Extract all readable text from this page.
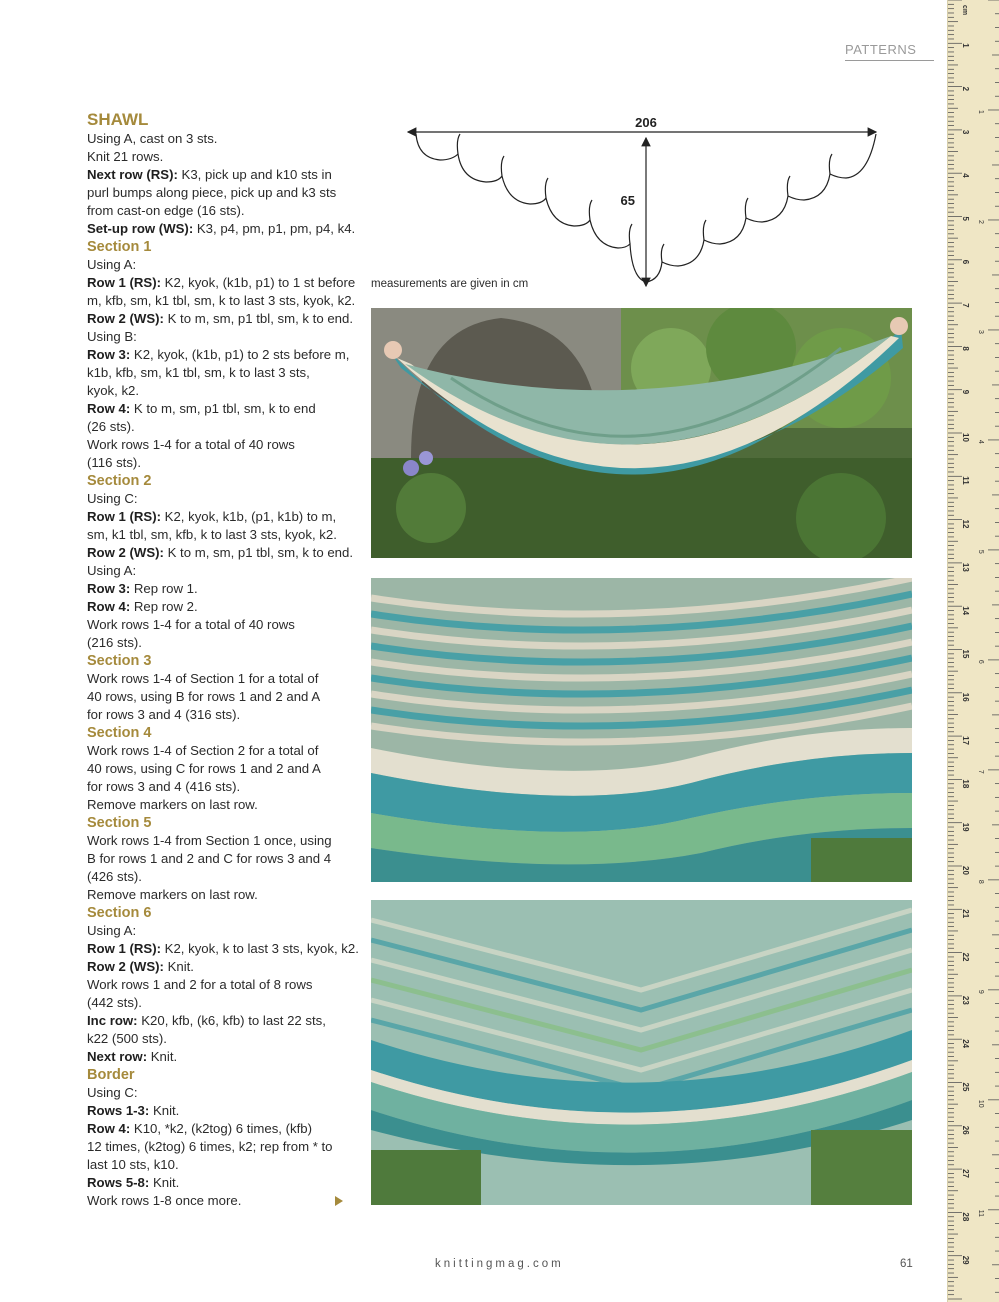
PATTERNS
SHAWL
Using A, cast on 3 sts.
Knit 21 rows.
Next row (RS): K3, pick up and k10 sts in
purl bumps along piece, pick up and k3 sts
from cast-on edge (16 sts).
Set-up row (WS): K3, p4, pm, p1, pm, p4, k4.
Section 1
Using A:
Row 1 (RS): K2, kyok, (k1b, p1) to 1 st before
m, kfb, sm, k1 tbl, sm, k to last 3 sts, kyok, k2.
Row 2 (WS): K to m, sm, p1 tbl, sm, k to end.
Using B:
Row 3: K2, kyok, (k1b, p1) to 2 sts before m,
k1b, kfb, sm, k1 tbl, sm, k to last 3 sts,
kyok, k2.
Row 4: K to m, sm, p1 tbl, sm, k to end
(26 sts).
Work rows 1-4 for a total of 40 rows
(116 sts).
Section 2
Using C:
Row 1 (RS): K2, kyok, k1b, (p1, k1b) to m,
sm, k1 tbl, sm, kfb, k to last 3 sts, kyok, k2.
Row 2 (WS): K to m, sm, p1 tbl, sm, k to end.
Using A:
Row 3: Rep row 1.
Row 4: Rep row 2.
Work rows 1-4 for a total of 40 rows
(216 sts).
Section 3
Work rows 1-4 of Section 1 for a total of
40 rows, using B for rows 1 and 2 and A
for rows 3 and 4 (316 sts).
Section 4
Work rows 1-4 of Section 2 for a total of
40 rows, using C for rows 1 and 2 and A
for rows 3 and 4 (416 sts).
Remove markers on last row.
Section 5
Work rows 1-4 from Section 1 once, using
B for rows 1 and 2 and C for rows 3 and 4
(426 sts).
Remove markers on last row.
Section 6
Using A:
Row 1 (RS): K2, kyok, k to last 3 sts, kyok, k2.
Row 2 (WS): Knit.
Work rows 1 and 2 for a total of 8 rows
(442 sts).
Inc row: K20, kfb, (k6, kfb) to last 22 sts,
k22 (500 sts).
Next row: Knit.
Border
Using C:
Rows 1-3: Knit.
Row 4: K10, *k2, (k2tog) 6 times, (kfb)
12 times, (k2tog) 6 times, k2; rep from * to
last 10 sts, k10.
Rows 5-8: Knit.
Work rows 1-8 once more.
206
65
measurements are given in cm
knittingmag.com	61
1
2
3
4
5
6
7
8
9
10
11
12
13
14
15
16
17
18
19
20
21
22
23
24
25
26
27
28
29
1
2
3
4
5
6
7
8
9
10
11
cm
